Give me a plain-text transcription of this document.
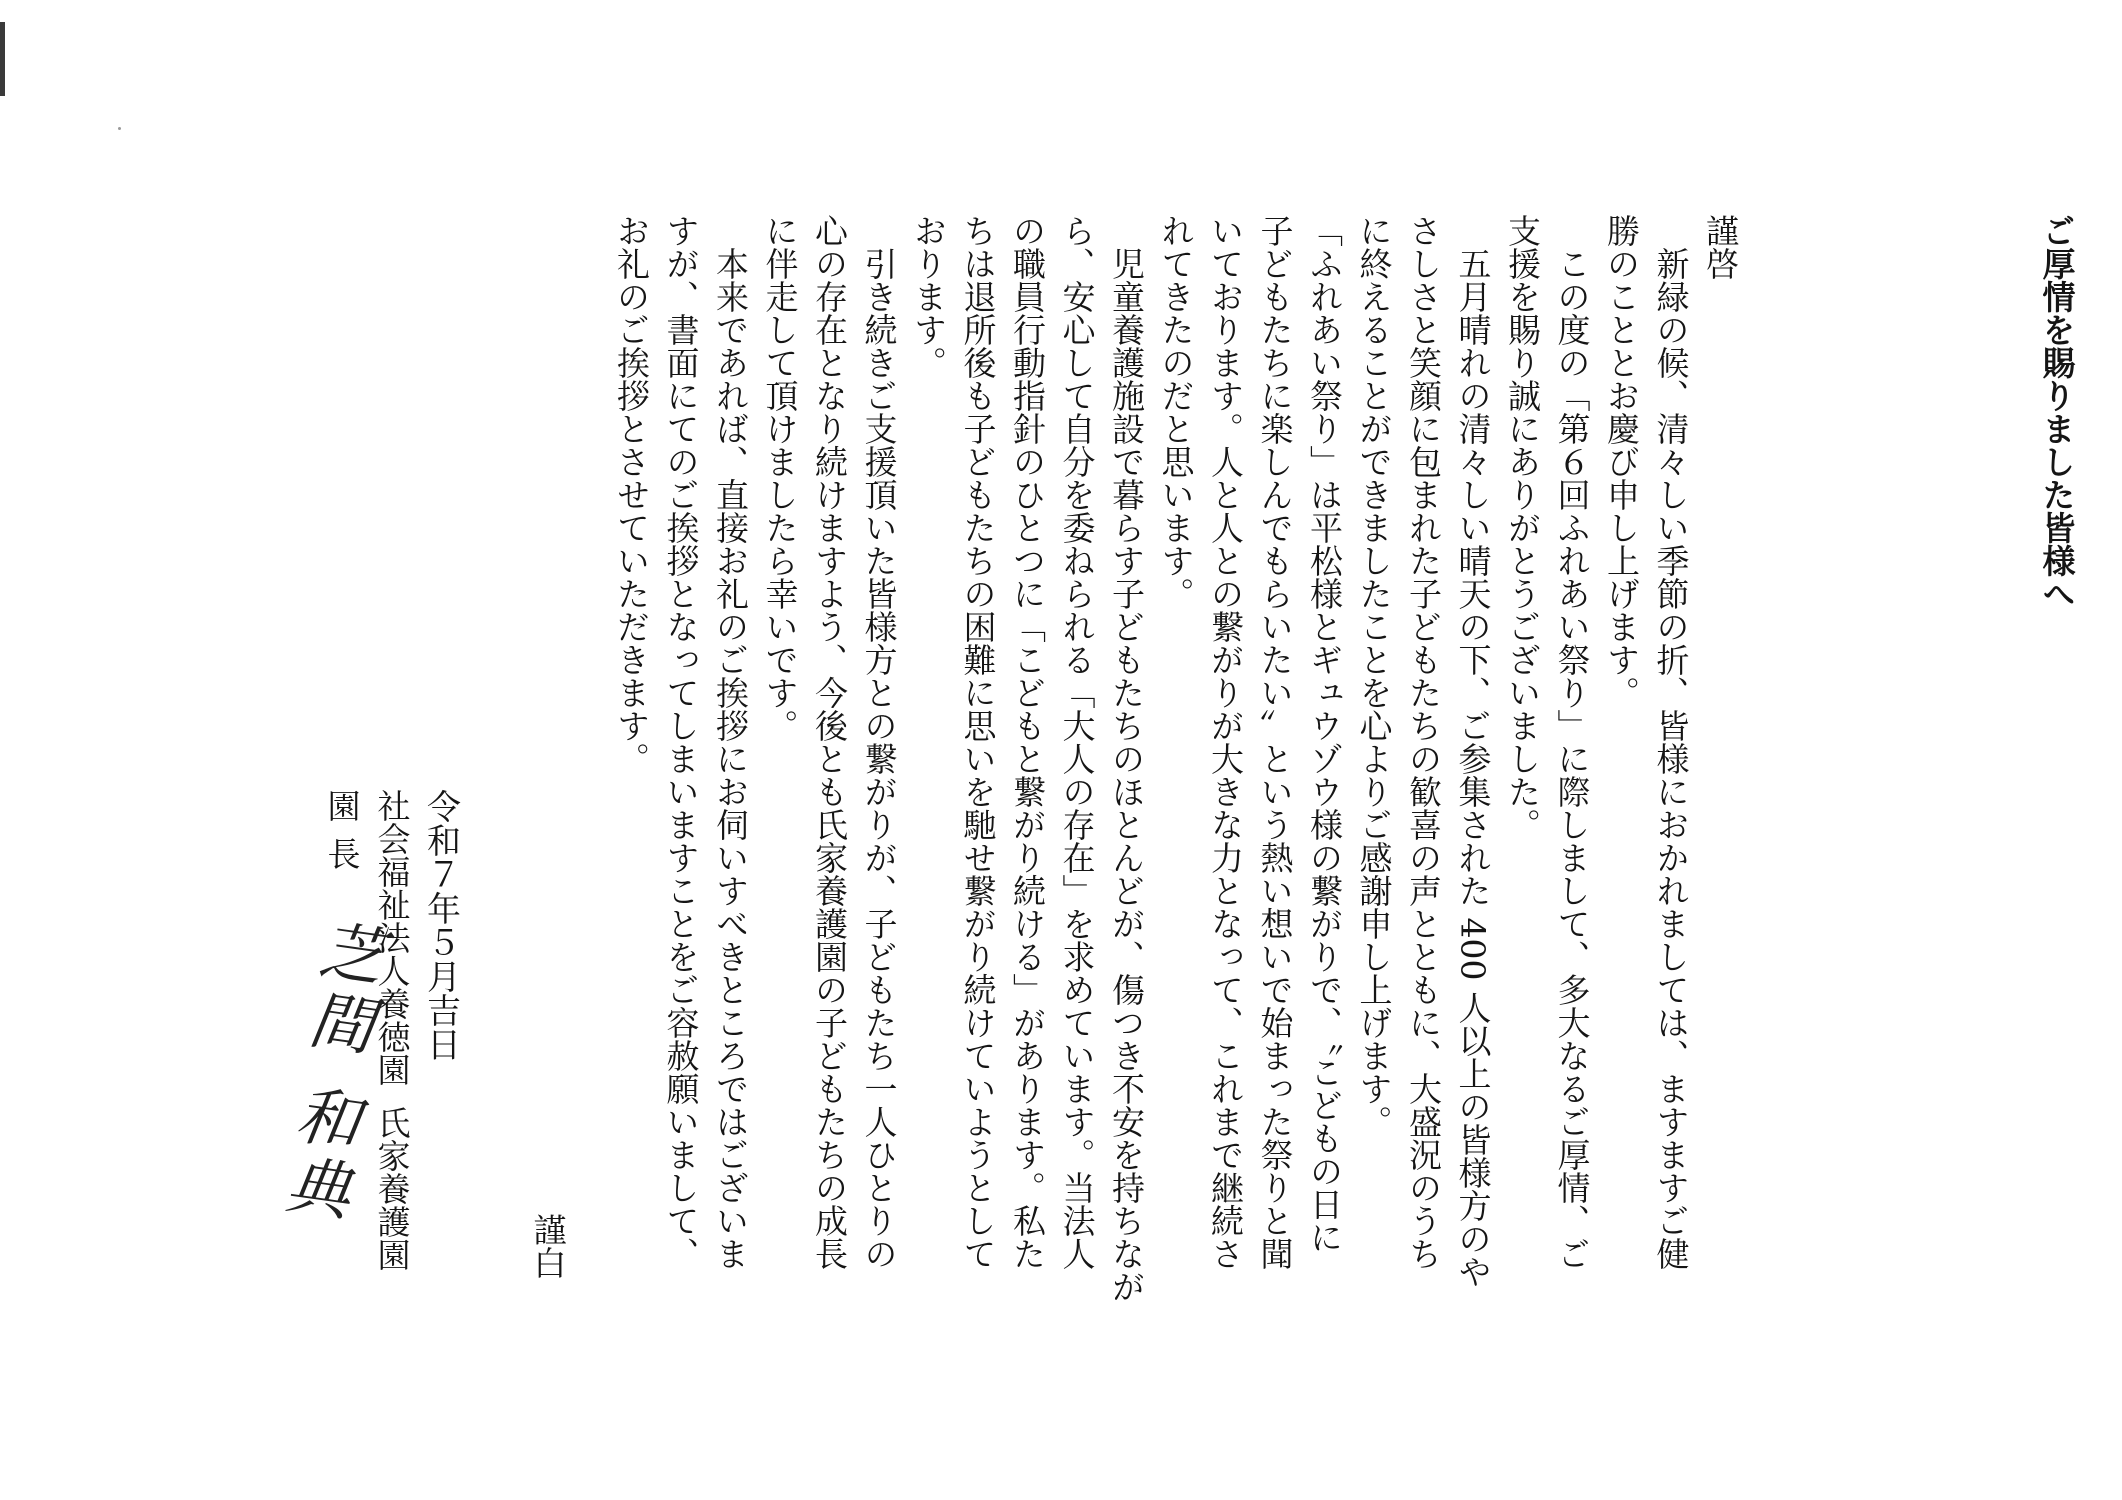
ご厚情を賜りました皆様へ
謹啓
新緑の候、清々しい季節の折、皆様におかれましては、ますますご健
勝のこととお慶び申し上げます。
この度の「第６回ふれあい祭り」に際しまして、多大なるご厚情、ご
支援を賜り誠にありがとうございました。
五月晴れの清々しい晴天の下、ご参集された 400 人以上の皆様方のや
さしさと笑顔に包まれた子どもたちの歓喜の声とともに、大盛況のうち
に終えることができましたことを心よりご感謝申し上げます。
「ふれあい祭り」は平松様とギュウゾウ様の繋がりで、〝こどもの日に
子どもたちに楽しんでもらいたい〟という熱い想いで始まった祭りと聞
いております。人と人との繋がりが大きな力となって、これまで継続さ
れてきたのだと思います。
児童養護施設で暮らす子どもたちのほとんどが、傷つき不安を持ちなが
ら、安心して自分を委ねられる「大人の存在」を求めています。当法人
の職員行動指針のひとつに「こどもと繋がり続ける」があります。私た
ちは退所後も子どもたちの困難に思いを馳せ繋がり続けていようとして
おります。
引き続きご支援頂いた皆様方との繋がりが、子どもたち一人ひとりの
心の存在となり続けますよう、今後とも氏家養護園の子どもたちの成長
に伴走して頂けましたら幸いです。
本来であれば、直接お礼のご挨拶にお伺いすべきところではございま
すが、書面にてのご挨拶となってしまいますことをご容赦願いまして、
お礼のご挨拶とさせていただきます。
謹白
令和７年５月吉日
社会福祉法人養徳園氏家養護園
園長
芝間 和典
